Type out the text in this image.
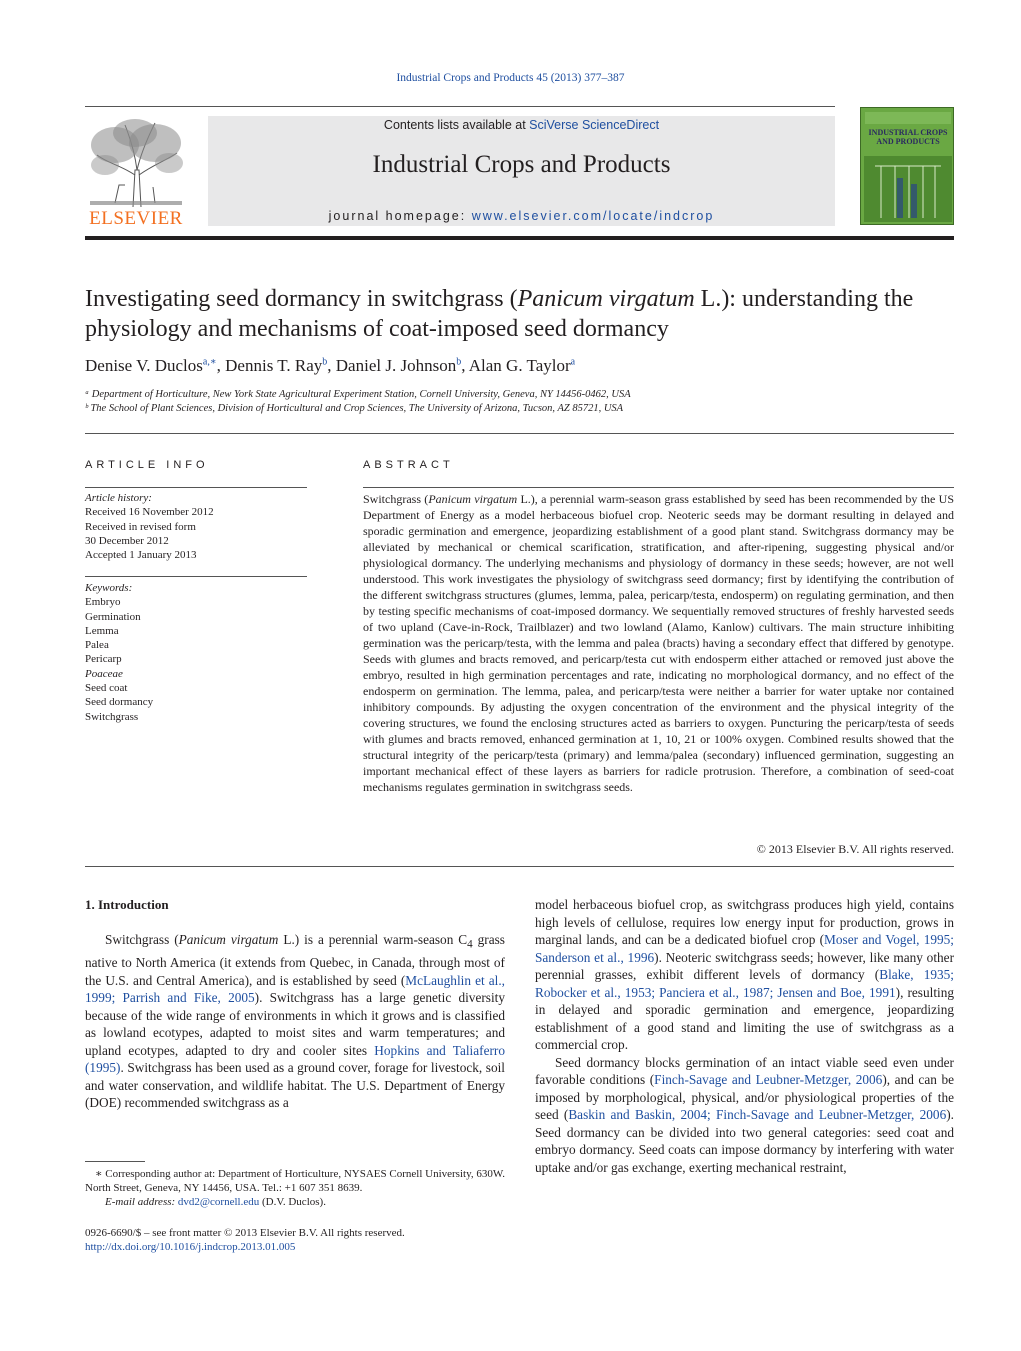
Industrial Crops and Products 45 (2013) 377–387
ELSEVIER
Contents lists available at SciVerse ScienceDirect
Industrial Crops and Products
journal homepage: www.elsevier.com/locate/indcrop
INDUSTRIAL CROPS AND PRODUCTS
Investigating seed dormancy in switchgrass (Panicum virgatum L.): understanding the physiology and mechanisms of coat-imposed seed dormancy
Denise V. Duclos$^{a,∗}$, Dennis T. Ray$^b$, Daniel J. Johnson$^b$, Alan G. Taylor$^a$
ᵃ Department of Horticulture, New York State Agricultural Experiment Station, Cornell University, Geneva, NY 14456-0462, USA
ᵇ The School of Plant Sciences, Division of Horticultural and Crop Sciences, The University of Arizona, Tucson, AZ 85721, USA
ARTICLE INFO	ABSTRACT
Article history:
Received 16 November 2012
Received in revised form
30 December 2012
Accepted 1 January 2013
Keywords:
Embryo
Germination
Lemma
Palea
Pericarp
Poaceae
Seed coat
Seed dormancy
Switchgrass
Switchgrass (Panicum virgatum L.), a perennial warm-season grass established by seed has been recommended by the US Department of Energy as a model herbaceous biofuel crop. Neoteric seeds may be dormant resulting in delayed and sporadic germination and emergence, jeopardizing establishment of a good plant stand. Switchgrass dormancy may be alleviated by mechanical or chemical scarification, stratification, and after-ripening, suggesting physical and/or physiological dormancy. The underlying mechanisms and physiology of dormancy in these seeds; however, are not well understood. This work investigates the physiology of switchgrass seed dormancy; first by identifying the contribution of the different switchgrass structures (glumes, lemma, palea, pericarp/testa, endosperm) on regulating germination, and then by testing specific mechanisms of coat-imposed dormancy. We sequentially removed structures of freshly harvested seeds of two upland (Cave-in-Rock, Trailblazer) and two lowland (Alamo, Kanlow) cultivars. The main structure inhibiting germination was the pericarp/testa, with the lemma and palea (bracts) having a secondary effect that differed by genotype. Seeds with glumes and bracts removed, and pericarp/testa cut with endosperm either attached or removed just above the embryo, resulted in high germination percentages and rate, indicating no morphological dormancy, and no effect of the endosperm on germination. The lemma, palea, and pericarp/testa were neither a barrier for water uptake nor contained inhibitory compounds. By adjusting the oxygen concentration of the environment and the physical integrity of the covering structures, we found the enclosing structures acted as barriers to oxygen. Puncturing the pericarp/testa of seeds with glumes and bracts removed, enhanced germination at 1, 10, 21 or 100% oxygen. Combined results showed that the structural integrity of the pericarp/testa (primary) and lemma/palea (secondary) influenced germination, suggesting an important mechanical effect of these layers as barriers for radicle protrusion. Therefore, a combination of seed-coat mechanisms regulates germination in switchgrass seeds.
© 2013 Elsevier B.V. All rights reserved.
1. Introduction

Switchgrass (Panicum virgatum L.) is a perennial warm-season $C_4$ grass native to North America (it extends from Quebec, in Canada, through most of the U.S. and Central America), and is established by seed (McLaughlin et al., 1999; Parrish and Fike, 2005). Switchgrass has a large genetic diversity because of the wide range of environments in which it grows and is classified as lowland ecotypes, adapted to moist sites and warm temperatures; and upland ecotypes, adapted to dry and cooler sites Hopkins and Taliaferro (1995). Switchgrass has been used as a ground cover, forage for livestock, soil and water conservation, and wildlife habitat. The U.S. Department of Energy (DOE) recommended switchgrass as a

model herbaceous biofuel crop, as switchgrass produces high yield, contains high levels of cellulose, requires low energy input for production, grows in marginal lands, and can be a dedicated biofuel crop (Moser and Vogel, 1995; Sanderson et al., 1996). Neoteric switchgrass seeds; however, like many other perennial grasses, exhibit different levels of dormancy (Blake, 1935; Robocker et al., 1953; Panciera et al., 1987; Jensen and Boe, 1991), resulting in delayed and sporadic germination and emergence, jeopardizing establishment of a good stand and limiting the use of switchgrass as a commercial crop.

Seed dormancy blocks germination of an intact viable seed even under favorable conditions (Finch-Savage and Leubner-Metzger, 2006), and can be imposed by morphological, physical, and/or physiological properties of the seed (Baskin and Baskin, 2004; Finch-Savage and Leubner-Metzger, 2006). Seed dormancy can be divided into two general categories: seed coat and embryo dormancy. Seed coats can impose dormancy by interfering with water uptake and/or gas exchange, exerting mechanical restraint,

∗ Corresponding author at: Department of Horticulture, NYSAES Cornell University, 630W. North Street, Geneva, NY 14456, USA. Tel.: +1 607 351 8639.
E-mail address: dvd2@cornell.edu (D.V. Duclos).
0926-6690/$ – see front matter © 2013 Elsevier B.V. All rights reserved.
http://dx.doi.org/10.1016/j.indcrop.2013.01.005
